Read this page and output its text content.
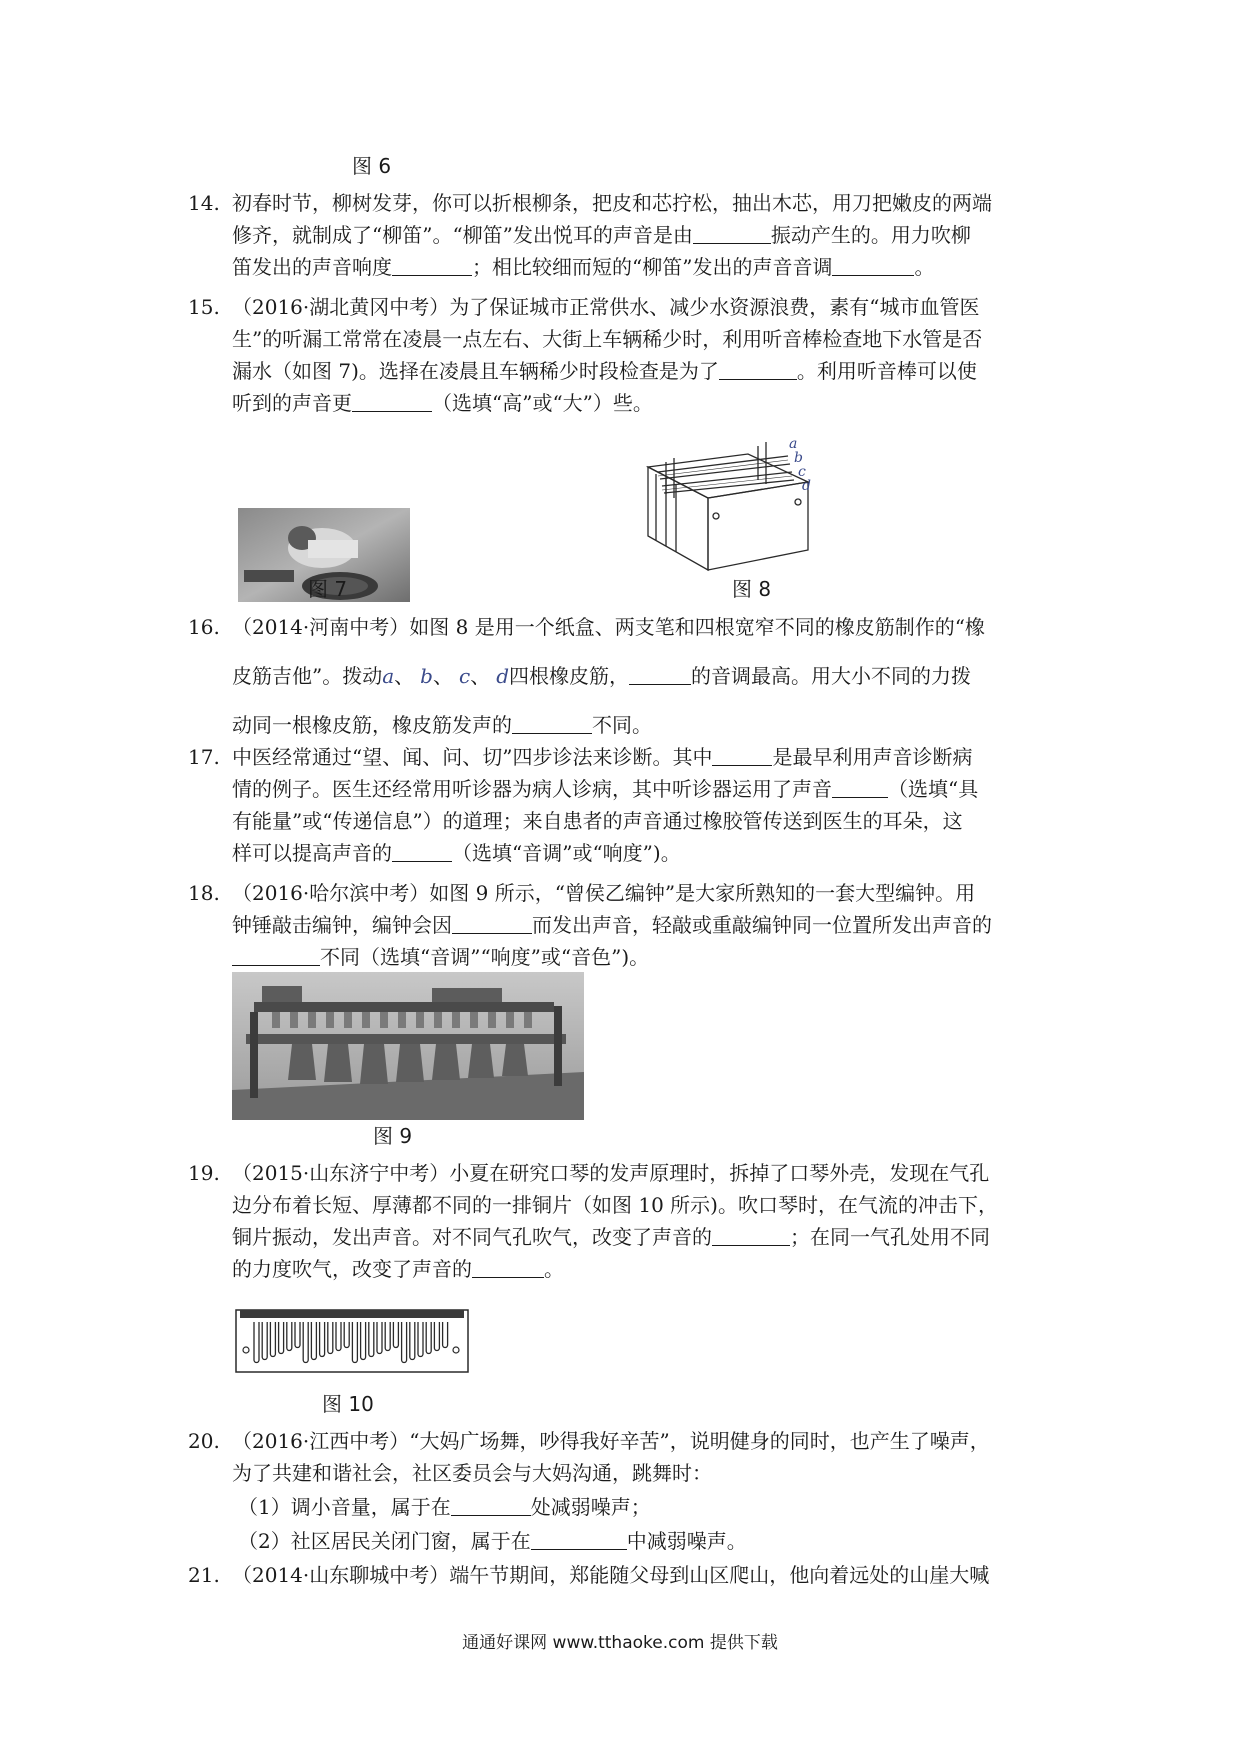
图 6
14. 初春时节，柳树发芽，你可以折根柳条，把皮和芯拧松，抽出木芯，用刀把嫩皮的两端
修齐，就制成了“柳笛”。“柳笛”发出悦耳的声音是由	振动产生的。用力吹柳
笛发出的声音响度	；相比较细而短的“柳笛”发出的声音音调	。
15. （2016·湖北黄冈中考）为了保证城市正常供水、减少水资源浪费，素有“城市血管医
生”的听漏工常常在凌晨一点左右、大街上车辆稀少时，利用听音棒检查地下水管是否
漏水（如图 7)。选择在凌晨且车辆稀少时段检查是为了	。利用听音棒可以使
听到的声音更	（选填“高”或“大”）些。
图 7
a
b
c
d
图 8
16. （2014·河南中考）如图 8 是用一个纸盒、两支笔和四根宽窄不同的橡皮筋制作的“橡
皮筋吉他”。拨动a、 b、 c、 d四根橡皮筋，	的音调最高。用大小不同的力拨
动同一根橡皮筋，橡皮筋发声的	不同。
17. 中医经常通过“望、闻、问、切”四步诊法来诊断。其中	是最早利用声音诊断病
情的例子。医生还经常用听诊器为病人诊病，其中听诊器运用了声音	（选填“具
有能量”或“传递信息”）的道理；来自患者的声音通过橡胶管传送到医生的耳朵，这
样可以提高声音的	（选填“音调”或“响度”)。
18. （2016·哈尔滨中考）如图 9 所示，“曾侯乙编钟”是大家所熟知的一套大型编钟。用
钟锤敲击编钟，编钟会因	而发出声音，轻敲或重敲编钟同一位置所发出声音的
不同（选填“音调”“响度”或“音色”)。
图 9
19. （2015·山东济宁中考）小夏在研究口琴的发声原理时，拆掉了口琴外壳，发现在气孔
边分布着长短、厚薄都不同的一排铜片（如图 10 所示)。吹口琴时，在气流的冲击下，
铜片振动，发出声音。对不同气孔吹气，改变了声音的	；在同一气孔处用不同
的力度吹气，改变了声音的	。
图 10
20. （2016·江西中考）“大妈广场舞，吵得我好辛苦”，说明健身的同时，也产生了噪声，
为了共建和谐社会，社区委员会与大妈沟通，跳舞时：
（1）调小音量，属于在	处减弱噪声；
（2）社区居民关闭门窗，属于在	中减弱噪声。
21. （2014·山东聊城中考）端午节期间，郑能随父母到山区爬山，他向着远处的山崖大喊
通通好课网 www.tthaoke.com 提供下载
